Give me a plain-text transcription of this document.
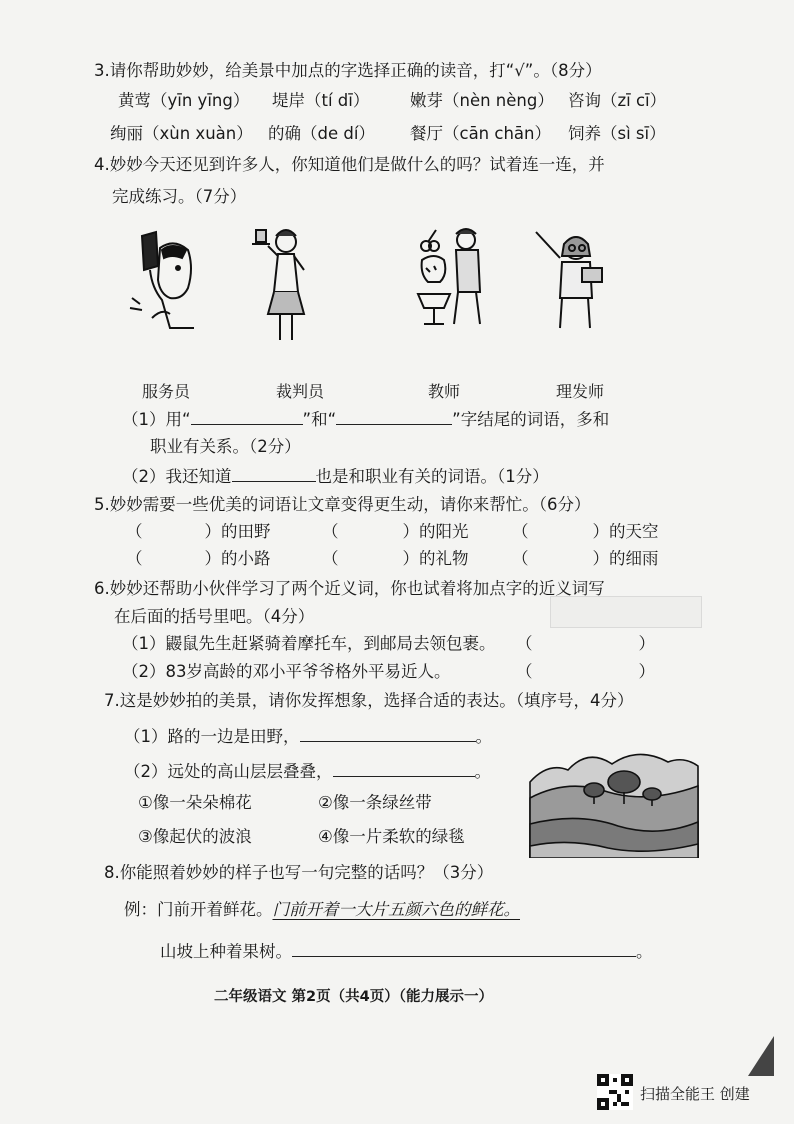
3.请你帮助妙妙，给美景中加点的字选择正确的读音，打“√”。（8分）
黄莺（yīn yīng） 堤岸（tí dī） 嫩芽（nèn nèng） 咨询（zī cī）
绚丽（xùn xuàn） 的确（de dí） 餐厅（cān chān） 饲养（sì sī）
4.妙妙今天还见到许多人，你知道他们是做什么的吗？试着连一连，并
完成练习。（7分）
服务员	裁判员	教师	理发师
（1）用“	”和“	”字结尾的词语，多和
职业有关系。（2分）
（2）我还知道	也是和职业有关的词语。（1分）
5.妙妙需要一些优美的词语让文章变得更生动，请你来帮忙。（6分）
（	）的田野	（	）的阳光	（	）的天空
（	）的小路	（	）的礼物	（	）的细雨
6.妙妙还帮助小伙伴学习了两个近义词，你也试着将加点字的近义词写
在后面的括号里吧。（4分）
（1）鼹鼠先生赶紧骑着摩托车，到邮局去领包裹。 （	）
（2）83岁高龄的邓小平爷爷格外平易近人。	（	）
7.这是妙妙拍的美景，请你发挥想象，选择合适的表达。（填序号，4分）
（1）路的一边是田野，	。
（2）远处的高山层层叠叠，	。
①像一朵朵棉花	②像一条绿丝带
③像起伏的波浪	④像一片柔软的绿毯
8.你能照着妙妙的样子也写一句完整的话吗？（3分）
例：门前开着鲜花。门前开着一大片五颜六色的鲜花。
山坡上种着果树。	。
二年级语文 第2页（共4页）（能力展示一）
扫描全能王 创建
